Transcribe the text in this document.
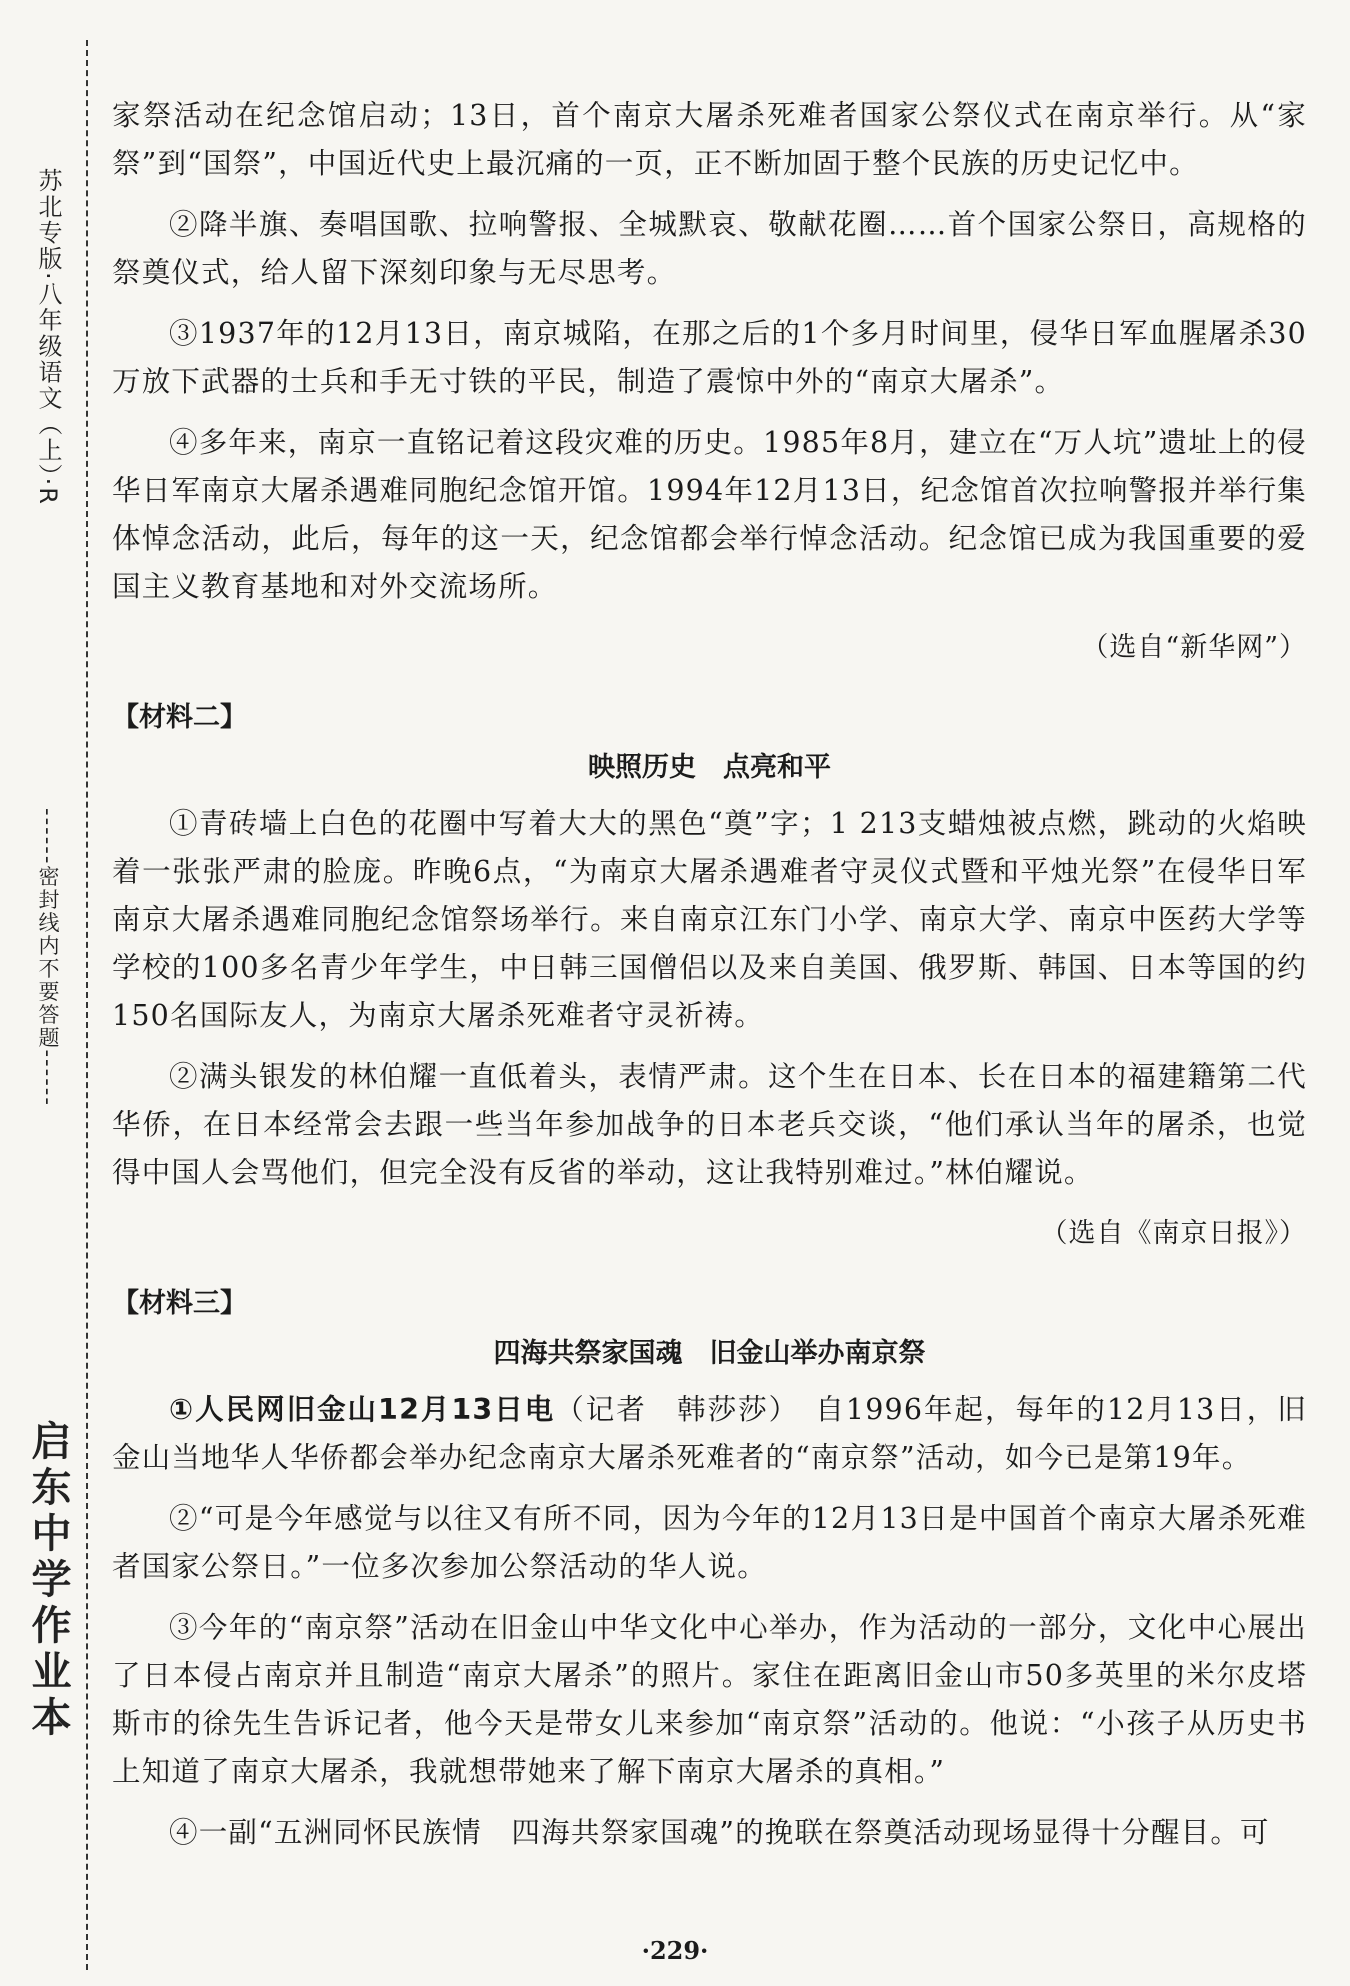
苏北专版·八年级语文（上）·R
------密封线内不要答题------
启东中学作业本

家祭活动在纪念馆启动；13日，首个南京大屠杀死难者国家公祭仪式在南京举行。从“家祭”到“国祭”，中国近代史上最沉痛的一页，正不断加固于整个民族的历史记忆中。

②降半旗、奏唱国歌、拉响警报、全城默哀、敬献花圈……首个国家公祭日，高规格的祭奠仪式，给人留下深刻印象与无尽思考。

③1937年的12月13日，南京城陷，在那之后的1个多月时间里，侵华日军血腥屠杀30万放下武器的士兵和手无寸铁的平民，制造了震惊中外的“南京大屠杀”。

④多年来，南京一直铭记着这段灾难的历史。1985年8月，建立在“万人坑”遗址上的侵华日军南京大屠杀遇难同胞纪念馆开馆。1994年12月13日，纪念馆首次拉响警报并举行集体悼念活动，此后，每年的这一天，纪念馆都会举行悼念活动。纪念馆已成为我国重要的爱国主义教育基地和对外交流场所。

（选自“新华网”）
【材料二】
映照历史　点亮和平

①青砖墙上白色的花圈中写着大大的黑色“奠”字；1 213支蜡烛被点燃，跳动的火焰映着一张张严肃的脸庞。昨晚6点，“为南京大屠杀遇难者守灵仪式暨和平烛光祭”在侵华日军南京大屠杀遇难同胞纪念馆祭场举行。来自南京江东门小学、南京大学、南京中医药大学等学校的100多名青少年学生，中日韩三国僧侣以及来自美国、俄罗斯、韩国、日本等国的约150名国际友人，为南京大屠杀死难者守灵祈祷。

②满头银发的林伯耀一直低着头，表情严肃。这个生在日本、长在日本的福建籍第二代华侨，在日本经常会去跟一些当年参加战争的日本老兵交谈，“他们承认当年的屠杀，也觉得中国人会骂他们，但完全没有反省的举动，这让我特别难过。”林伯耀说。

（选自《南京日报》）
【材料三】
四海共祭家国魂　旧金山举办南京祭

①人民网旧金山12月13日电（记者　韩莎莎）　自1996年起，每年的12月13日，旧金山当地华人华侨都会举办纪念南京大屠杀死难者的“南京祭”活动，如今已是第19年。

②“可是今年感觉与以往又有所不同，因为今年的12月13日是中国首个南京大屠杀死难者国家公祭日。”一位多次参加公祭活动的华人说。

③今年的“南京祭”活动在旧金山中华文化中心举办，作为活动的一部分，文化中心展出了日本侵占南京并且制造“南京大屠杀”的照片。家住在距离旧金山市50多英里的米尔皮塔斯市的徐先生告诉记者，他今天是带女儿来参加“南京祭”活动的。他说：“小孩子从历史书上知道了南京大屠杀，我就想带她来了解下南京大屠杀的真相。”

④一副“五洲同怀民族情　四海共祭家国魂”的挽联在祭奠活动现场显得十分醒目。可

·229·
